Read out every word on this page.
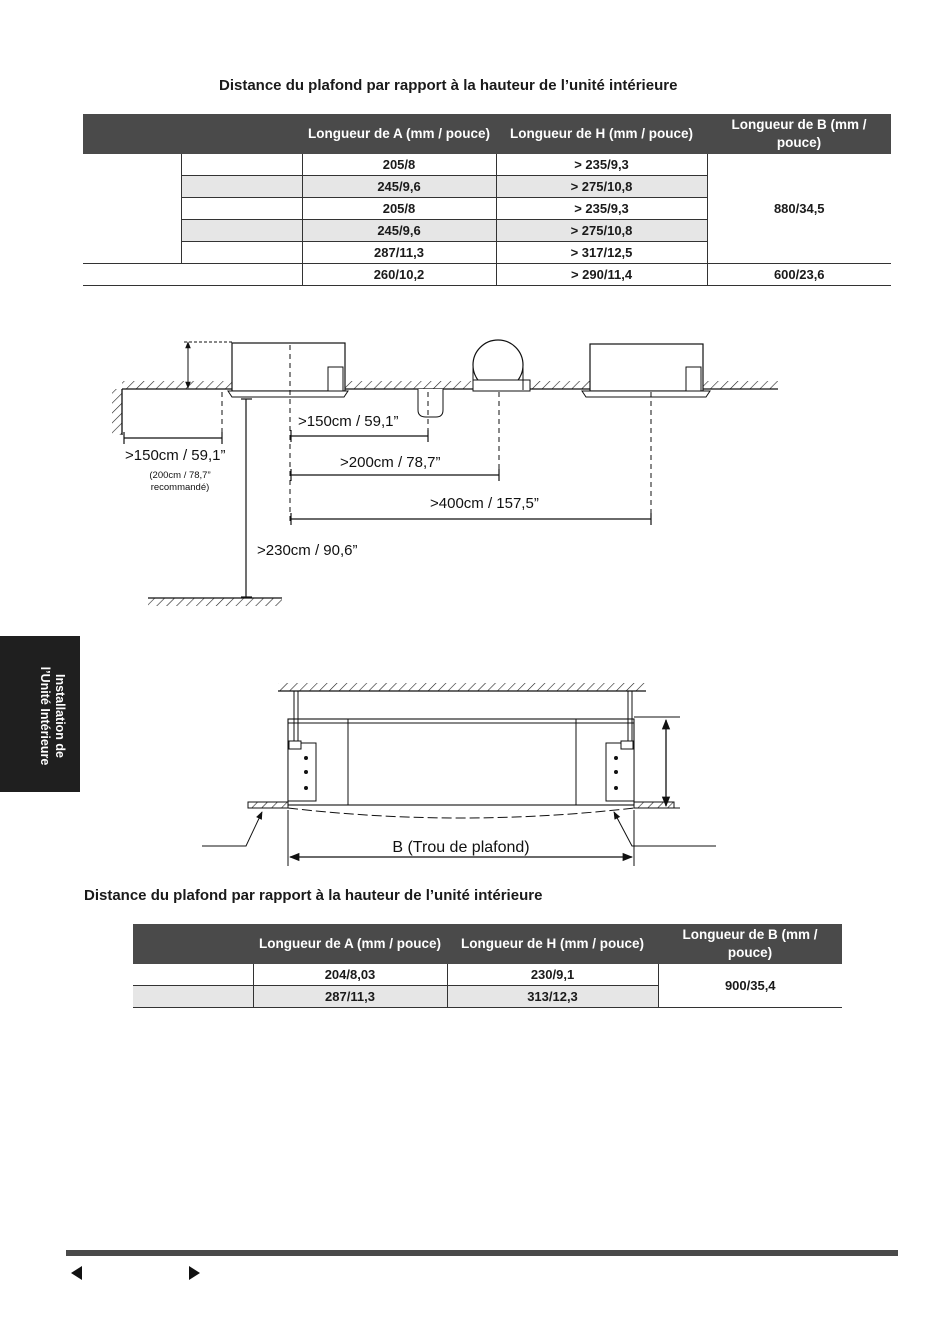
Distance du plafond par rapport à la hauteur de l’unité intérieure
		Longueur de A (mm / pouce)	Longueur de H (mm / pouce)	Longueur de B (mm / pouce)
		205/8	> 235/9,3	880/34,5
		245/9,6	> 275/10,8	
		205/8	> 235/9,3	
		245/9,6	> 275/10,8	
		287/11,3	> 317/12,5	
		260/10,2	> 290/11,4	600/23,6
>150cm / 59,1”
(200cm / 78,7”
recommandé)
>150cm / 59,1”
>200cm / 78,7”
>400cm / 157,5”
>230cm / 90,6”
B (Trou de plafond)
Distance du plafond par rapport à la hauteur de l’unité intérieure
	Longueur de A (mm / pouce)	Longueur de H (mm / pouce)	Longueur de B (mm / pouce)
	204/8,03	230/9,1	900/35,4
	287/11,3	313/12,3	
Installation de
l’Unité Intérieure
